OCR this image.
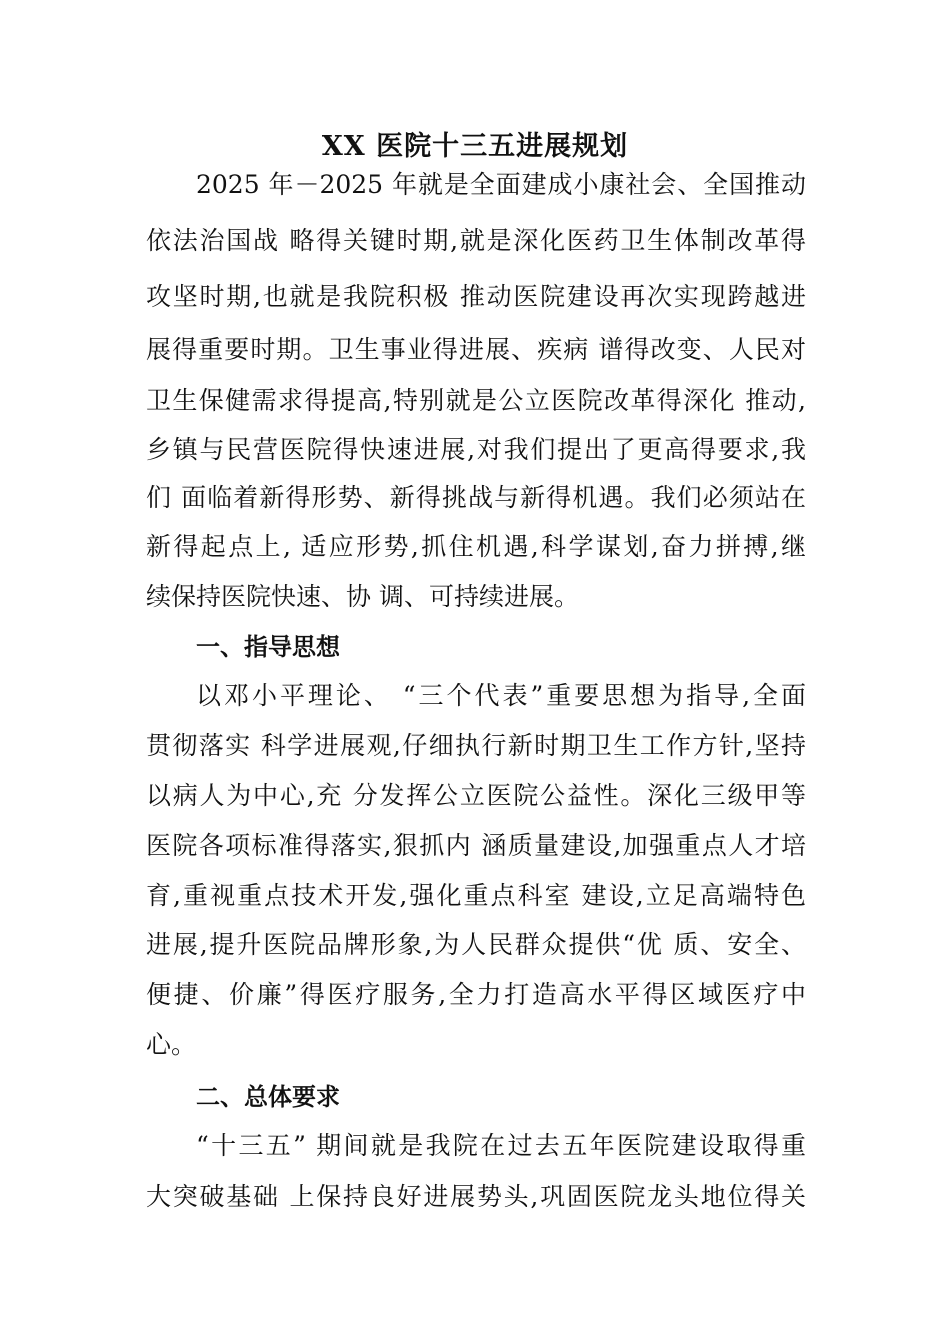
XX 医院十三五进展规划
2025 年－2025 年就是全面建成小康社会、全国推动
依法治国战 略得关键时期,就是深化医药卫生体制改革得
攻坚时期,也就是我院积极 推动医院建设再次实现跨越进
展得重要时期。卫生事业得进展、疾病 谱得改变、人民对
卫生保健需求得提高,特别就是公立医院改革得深化 推动,
乡镇与民营医院得快速进展,对我们提出了更高得要求,我
们 面临着新得形势、新得挑战与新得机遇。我们必须站在
新得起点上, 适应形势,抓住机遇,科学谋划,奋力拼搏,继
续保持医院快速、协 调、可持续进展。
一、指导思想
以邓小平理论、 “三个代表”重要思想为指导,全面
贯彻落实 科学进展观,仔细执行新时期卫生工作方针,坚持
以病人为中心,充 分发挥公立医院公益性。深化三级甲等
医院各项标准得落实,狠抓内 涵质量建设,加强重点人才培
育,重视重点技术开发,强化重点科室 建设,立足高端特色
进展,提升医院品牌形象,为人民群众提供“优 质、安全、
便捷、价廉”得医疗服务,全力打造高水平得区域医疗中
心。
二、总体要求
“十三五” 期间就是我院在过去五年医院建设取得重
大突破基础 上保持良好进展势头,巩固医院龙头地位得关
